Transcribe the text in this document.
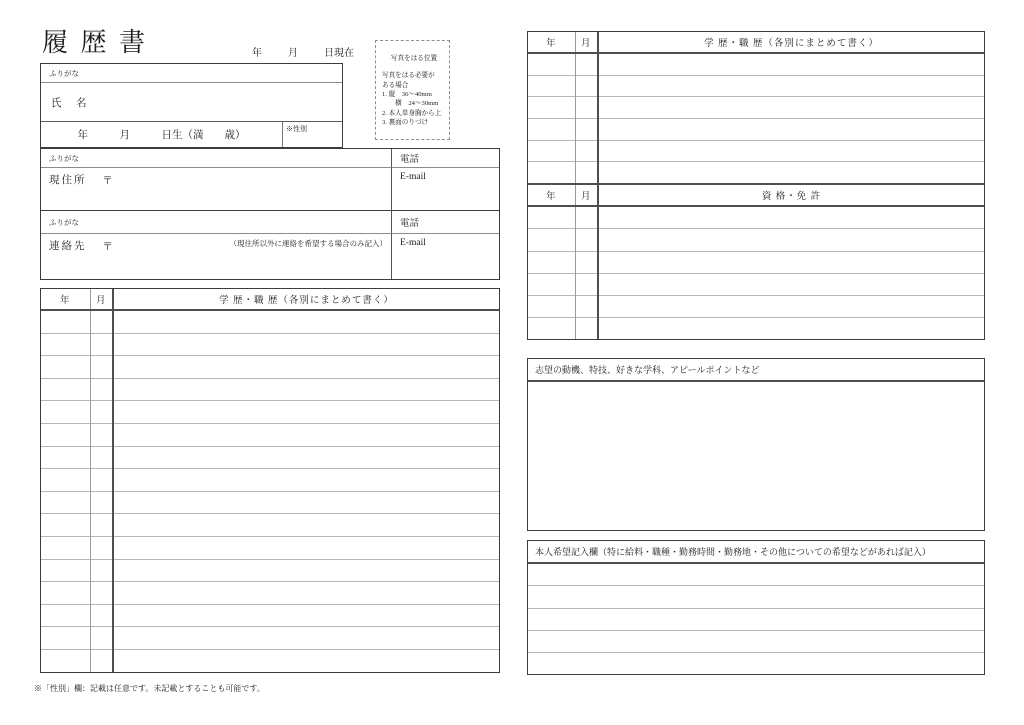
履 歴 書	年	月	日現在	写真をはる位置
写真をはる必要が
ある場合
1. 縦　36～40mm
　　横　24～30mm
2. 本人単身胸から上
3. 裏面のりづけ
ふりがな
氏　名
年　　　月　　　日生（満　　歳）
※性別
ふりがな	電話
現住所 〒	E-mail
ふりがな	電話
連絡先 〒	（現住所以外に連絡を希望する場合のみ記入）	E-mail
年	月	学 歴・職 歴（各別にまとめて書く）

※「性別」欄：記載は任意です。未記載とすることも可能です。
年	月	学 歴・職 歴（各別にまとめて書く）

年	月	資 格・免 許

志望の動機、特技、好きな学科、アピールポイントなど
本人希望記入欄（特に給料・職種・勤務時間・勤務地・その他についての希望などがあれば記入）
